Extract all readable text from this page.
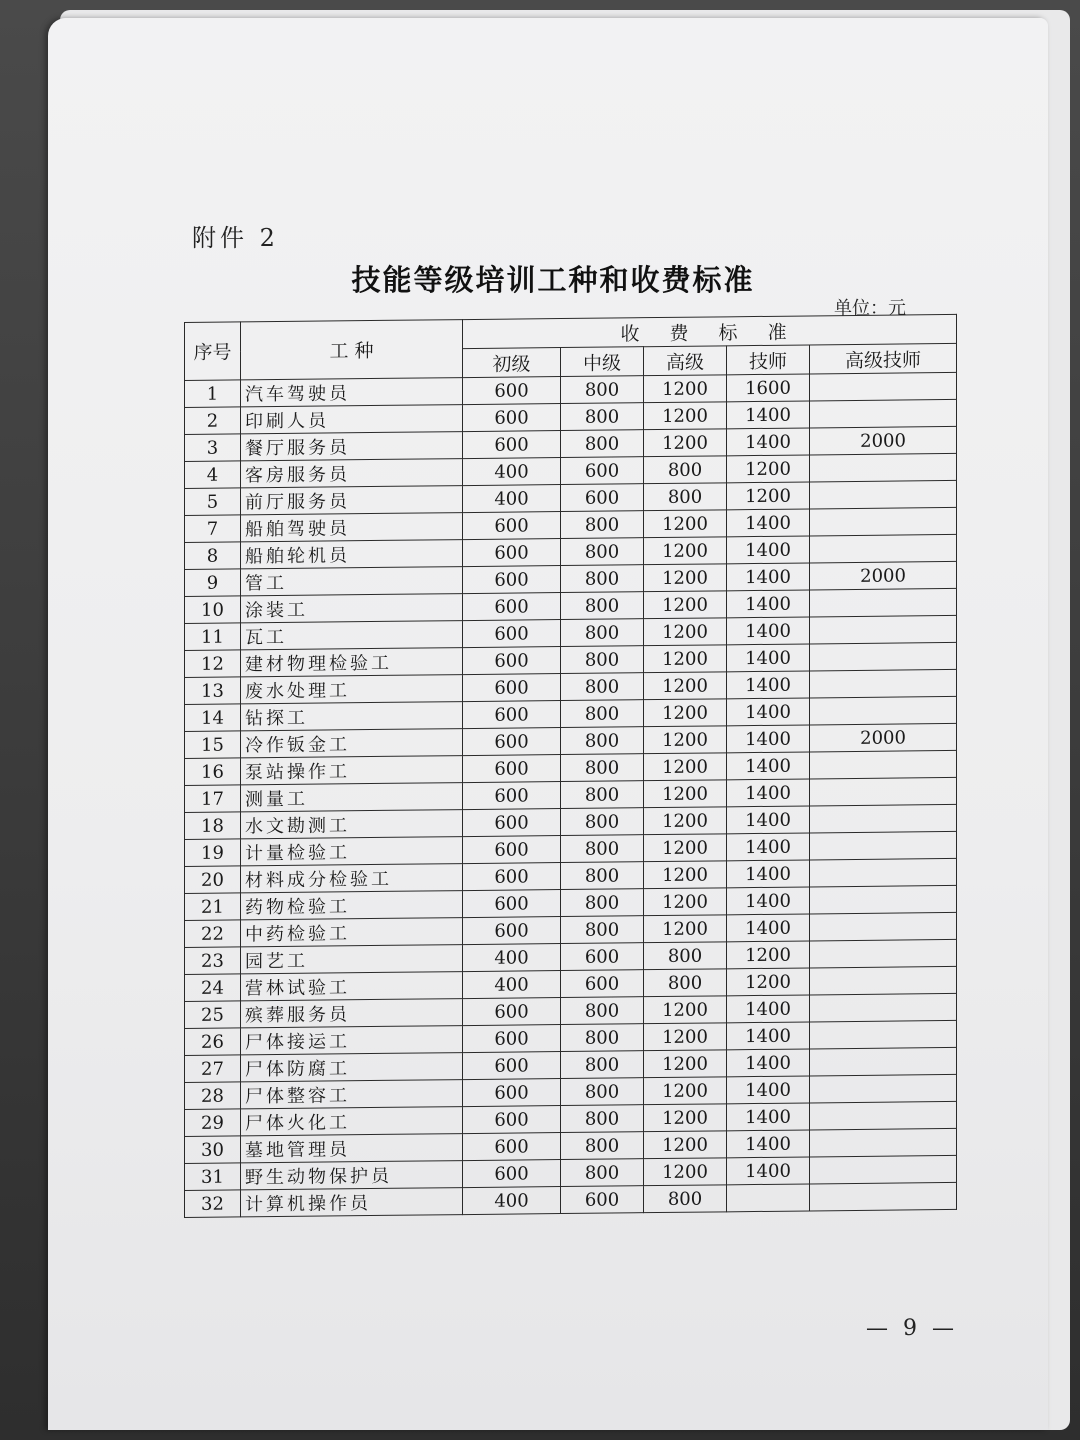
附件 2
技能等级培训工种和收费标准
单位：元
序号	工 种	收 费 标 准				
		初级	中级	高级	技师	高级技师
1	汽车驾驶员	600	800	1200	1600	
2	印刷人员	600	800	1200	1400	
3	餐厅服务员	600	800	1200	1400	2000
4	客房服务员	400	600	800	1200	
5	前厅服务员	400	600	800	1200	
7	船舶驾驶员	600	800	1200	1400	
8	船舶轮机员	600	800	1200	1400	
9	管工	600	800	1200	1400	2000
10	涂装工	600	800	1200	1400	
11	瓦工	600	800	1200	1400	
12	建材物理检验工	600	800	1200	1400	
13	废水处理工	600	800	1200	1400	
14	钻探工	600	800	1200	1400	
15	冷作钣金工	600	800	1200	1400	2000
16	泵站操作工	600	800	1200	1400	
17	测量工	600	800	1200	1400	
18	水文勘测工	600	800	1200	1400	
19	计量检验工	600	800	1200	1400	
20	材料成分检验工	600	800	1200	1400	
21	药物检验工	600	800	1200	1400	
22	中药检验工	600	800	1200	1400	
23	园艺工	400	600	800	1200	
24	营林试验工	400	600	800	1200	
25	殡葬服务员	600	800	1200	1400	
26	尸体接运工	600	800	1200	1400	
27	尸体防腐工	600	800	1200	1400	
28	尸体整容工	600	800	1200	1400	
29	尸体火化工	600	800	1200	1400	
30	墓地管理员	600	800	1200	1400	
31	野生动物保护员	600	800	1200	1400	
32	计算机操作员	400	600	800		
— 9 —
